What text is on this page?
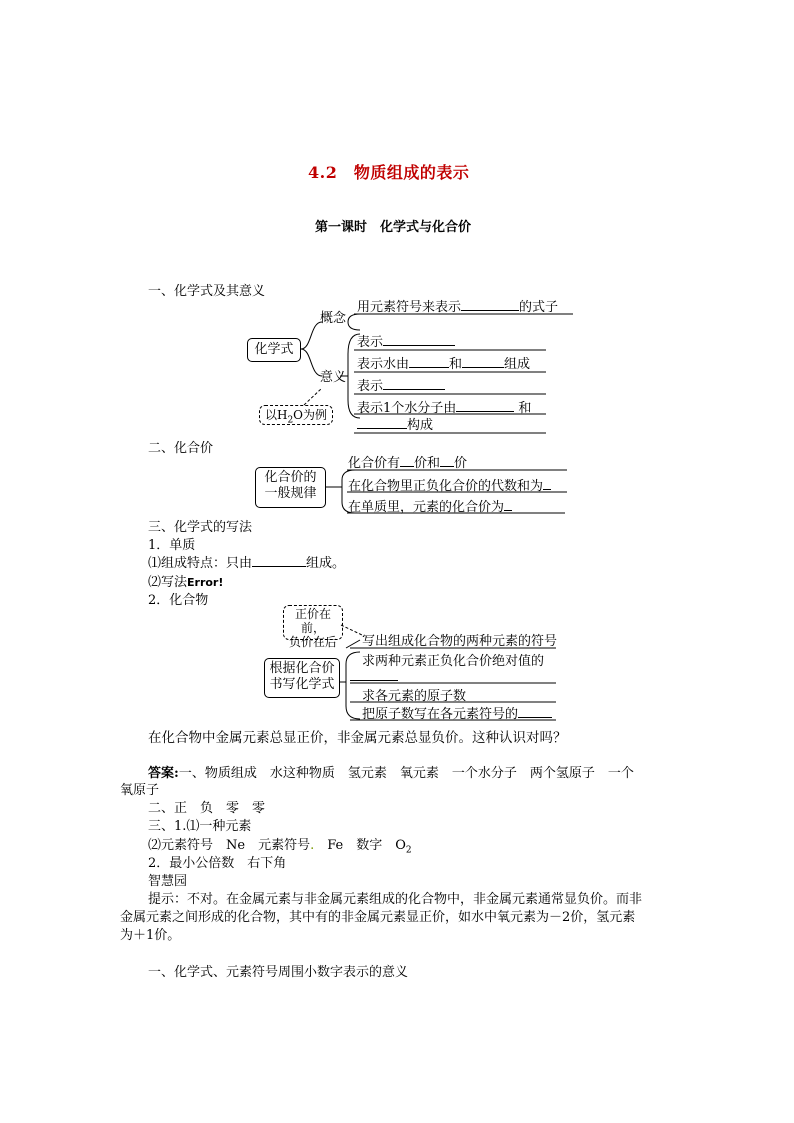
4.2　物质组成的表示
第一课时　化学式与化合价
一、化学式及其意义
化学式
概念
意义
用元素符号来表示	的式子
表示
表示水由	和	组成
表示
表示1个水分子由	和
构成
以$H_2O$为例
二、化合价
化合价的
一般规律
化合价有 价和 价
在化合物里正负化合价的代数和为
在单质里，元素的化合价为
三、化学式的写法
1．单质
⑴组成特点：只由	组成。
⑵写法Error!
2．化合物
正价在前，
负价在后
根据化合价
书写化学式
写出组成化合物的两种元素的符号
求两种元素正负化合价绝对值的
求各元素的原子数
把原子数写在各元素符号的
在化合物中金属元素总显正价，非金属元素总显负价。这种认识对吗？
答案:一、物质组成　水这种物质　氢元素　氧元素　一个水分子　两个氢原子　一个
氧原子
二、正　负　零　零
三、1.⑴一种元素
⑵元素符号　Ne　元素符号.　Fe　数字　$O_2$
2．最小公倍数　右下角
智慧园
提示：不对。在金属元素与非金属元素组成的化合物中，非金属元素通常显负价。而非
金属元素之间形成的化合物，其中有的非金属元素显正价，如水中氧元素为－2价，氢元素
为＋1价。
一、化学式、元素符号周围小数字表示的意义
